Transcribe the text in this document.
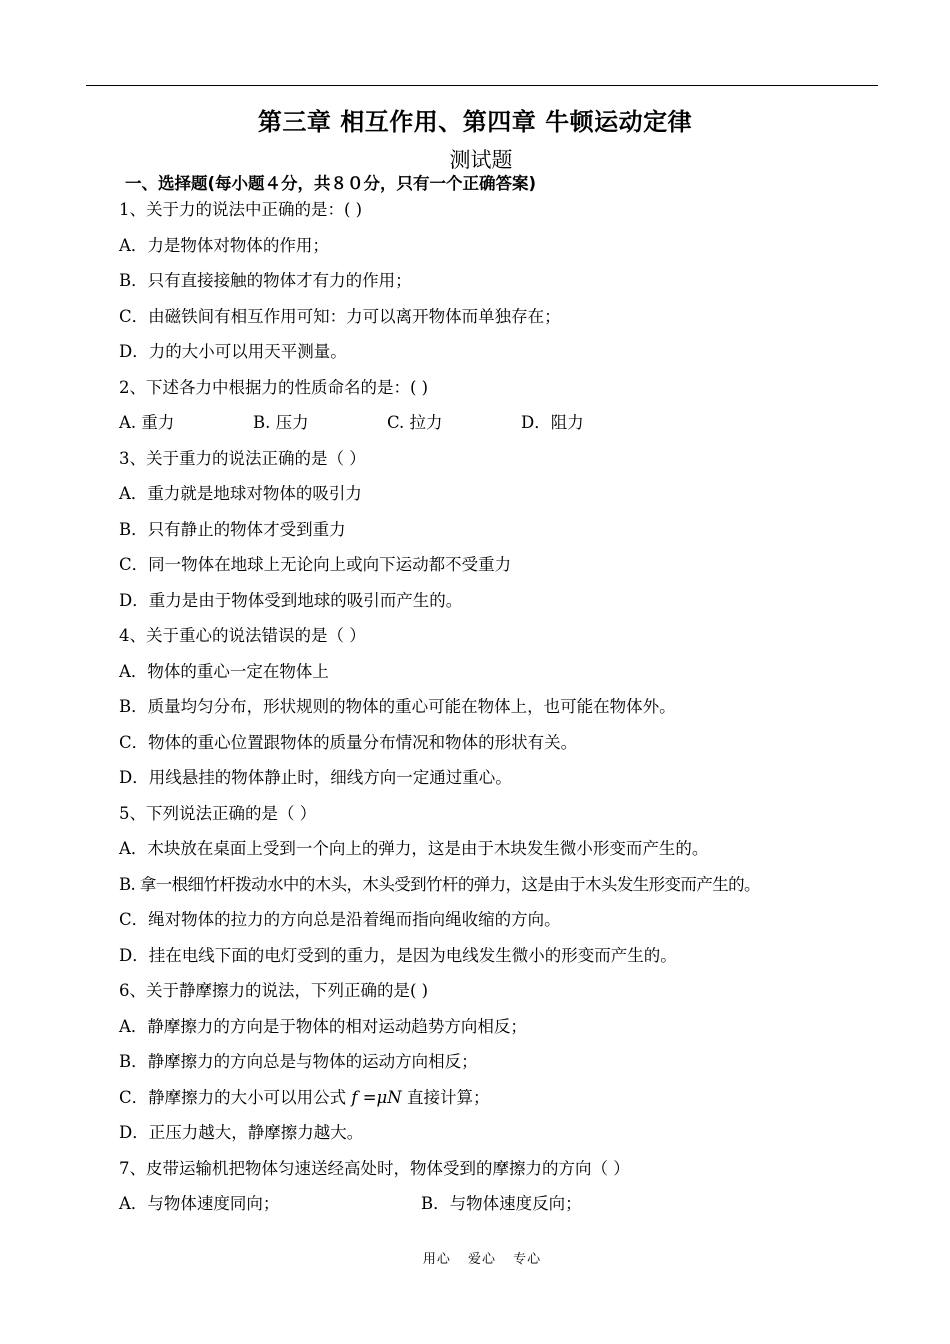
第三章 相互作用、第四章 牛顿运动定律
测试题
一、选择题(每小题４分，共８０分，只有一个正确答案)
1、关于力的说法中正确的是：( )
A．力是物体对物体的作用；
B．只有直接接触的物体才有力的作用；
C．由磁铁间有相互作用可知：力可以离开物体而单独存在；
D．力的大小可以用天平测量。
2、下述各力中根据力的性质命名的是：( )
A. 重力	B. 压力	C. 拉力	D．阻力
3、关于重力的说法正确的是（ ）
A．重力就是地球对物体的吸引力
B．只有静止的物体才受到重力
C．同一物体在地球上无论向上或向下运动都不受重力
D．重力是由于物体受到地球的吸引而产生的。
4、关于重心的说法错误的是（ ）
A．物体的重心一定在物体上
B．质量均匀分布，形状规则的物体的重心可能在物体上，也可能在物体外。
C．物体的重心位置跟物体的质量分布情况和物体的形状有关。
D．用线悬挂的物体静止时，细线方向一定通过重心。
5、下列说法正确的是（ ）
A．木块放在桌面上受到一个向上的弹力，这是由于木块发生微小形变而产生的。
B. 拿一根细竹杆拨动水中的木头，木头受到竹杆的弹力，这是由于木头发生形变而产生的。
C．绳对物体的拉力的方向总是沿着绳而指向绳收缩的方向。
D．挂在电线下面的电灯受到的重力，是因为电线发生微小的形变而产生的。
6、关于静摩擦力的说法，下列正确的是( )
A．静摩擦力的方向是于物体的相对运动趋势方向相反；
B．静摩擦力的方向总是与物体的运动方向相反；
C．静摩擦力的大小可以用公式 f =μN 直接计算；
D．正压力越大，静摩擦力越大。
7、皮带运输机把物体匀速送经高处时，物体受到的摩擦力的方向（ ）
A．与物体速度同向；	B．与物体速度反向；
用心 爱心 专心
